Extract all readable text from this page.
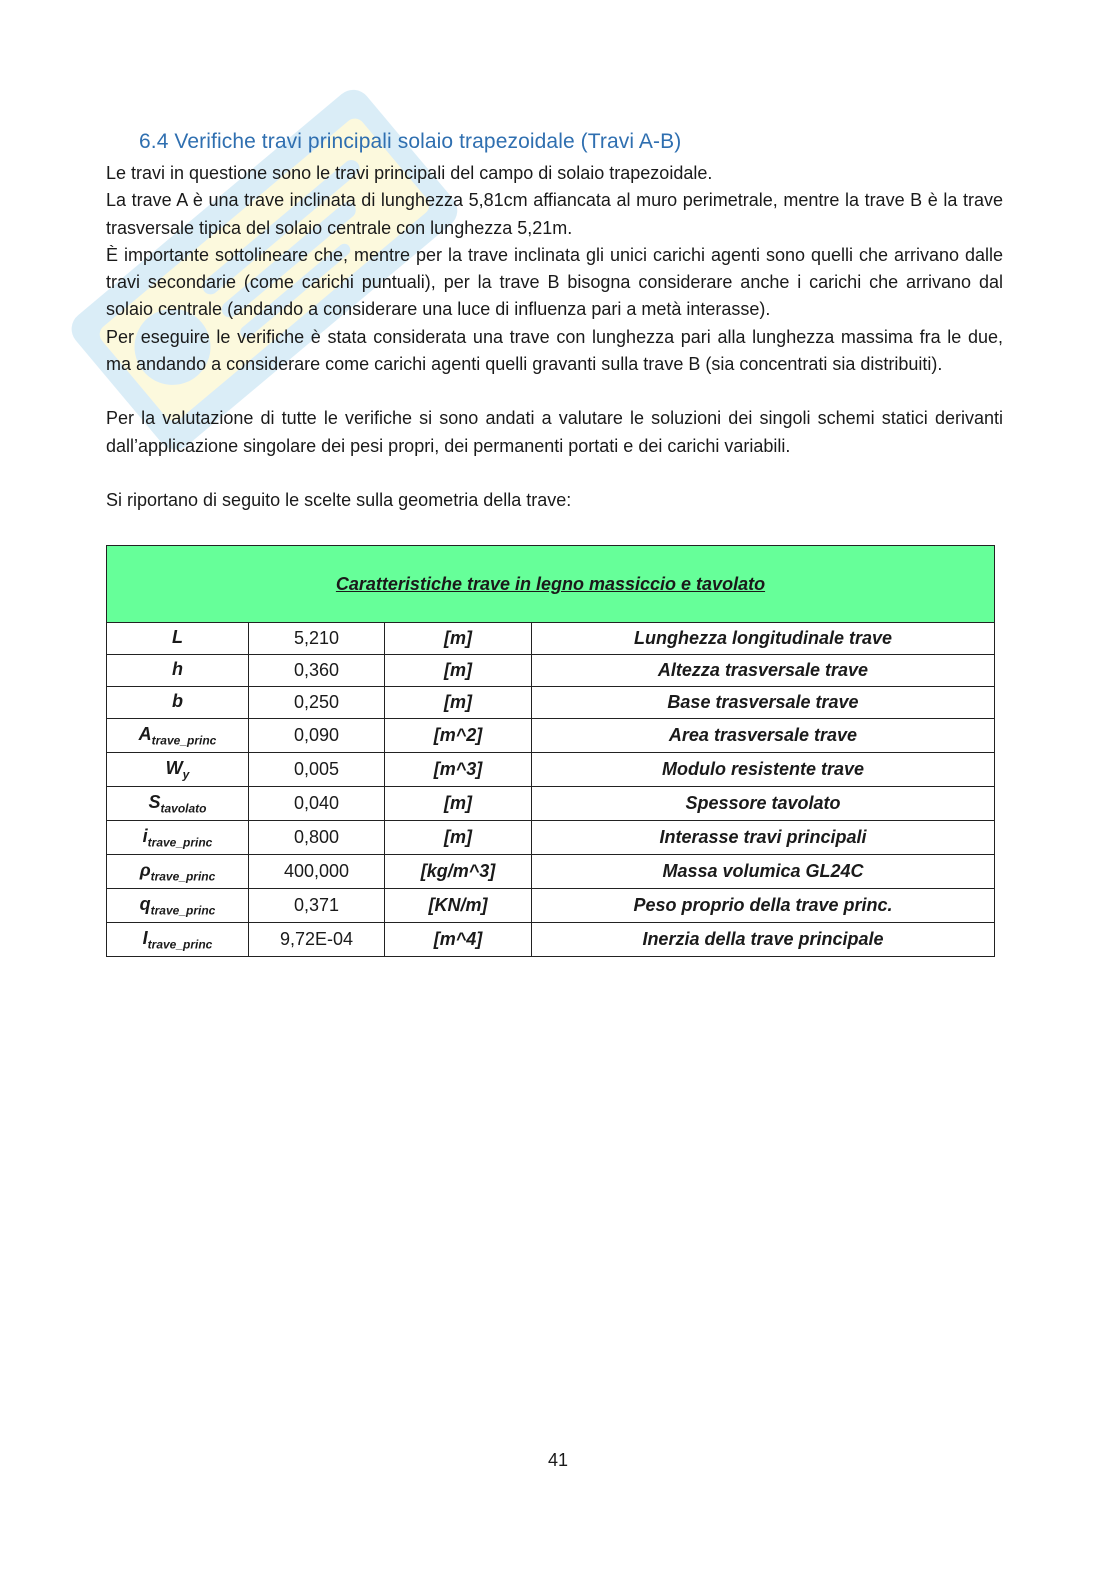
6.4 Verifiche travi principali solaio trapezoidale (Travi A-B)

Le travi in questione sono le travi principali del campo di solaio trapezoidale.

La trave A è una trave inclinata di lunghezza 5,81cm affiancata al muro perimetrale, mentre la trave B è la trave trasversale tipica del solaio centrale con lunghezza 5,21m.

È importante sottolineare che, mentre per la trave inclinata gli unici carichi agenti sono quelli che arrivano dalle travi secondarie (come carichi puntuali), per la trave B bisogna considerare anche i carichi che arrivano dal solaio centrale (andando a considerare una luce di influenza pari a metà interasse).

Per eseguire le verifiche è stata considerata una trave con lunghezza pari alla lunghezza massima fra le due, ma andando a considerare come carichi agenti quelli gravanti sulla trave B (sia concentrati sia distribuiti).

Per la valutazione di tutte le verifiche si sono andati a valutare le soluzioni dei singoli schemi statici derivanti dall’applicazione singolare dei pesi propri, dei permanenti portati e dei carichi variabili.

Si riportano di seguito le scelte sulla geometria della trave:

Caratteristiche trave in legno massiccio e tavolato			
L	5,210	[m]	Lunghezza longitudinale trave
h	0,360	[m]	Altezza trasversale trave
b	0,250	[m]	Base trasversale trave
$A_{trave\_princ}$	0,090	[m^2]	Area trasversale trave
$W_y$	0,005	[m^3]	Modulo resistente trave
$S_{tavolato}$	0,040	[m]	Spessore tavolato
$i_{trave\_princ}$	0,800	[m]	Interasse travi principali
$\rho_{trave\_princ}$	400,000	[kg/m^3]	Massa volumica GL24C
$q_{trave\_princ}$	0,371	[KN/m]	Peso proprio della trave princ.
$I_{trave\_princ}$	9,72E-04	[m^4]	Inerzia della trave principale
41
